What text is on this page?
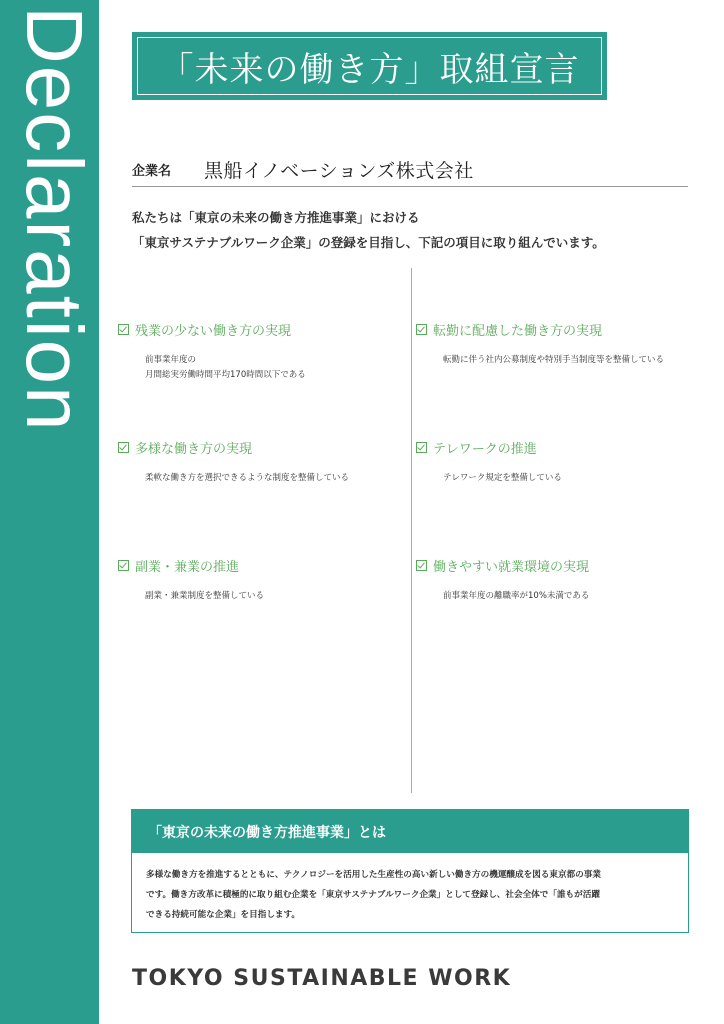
Declaration 「未来の働き方」取組宣言
企業名	黒船イノベーションズ株式会社
私たちは「東京の未来の働き方推進事業」における
「東京サステナブルワーク企業」の登録を目指し、下記の項目に取り組んでいます。
残業の少ない働き方の実現
前事業年度の
月間総実労働時間平均170時間以下である
転勤に配慮した働き方の実現
転勤に伴う社内公募制度や特別手当制度等を整備している
多様な働き方の実現
柔軟な働き方を選択できるような制度を整備している
テレワークの推進
テレワーク規定を整備している
副業・兼業の推進
副業・兼業制度を整備している
働きやすい就業環境の実現
前事業年度の離職率が10%未満である
「東京の未来の働き方推進事業」とは
多様な働き方を推進するとともに、テクノロジーを活用した生産性の高い新しい働き方の機運醸成を図る東京都の事業
です。働き方改革に積極的に取り組む企業を「東京サステナブルワーク企業」として登録し、社会全体で「誰もが活躍
できる持続可能な企業」を目指します。
TOKYO SUSTAINABLE WORK
